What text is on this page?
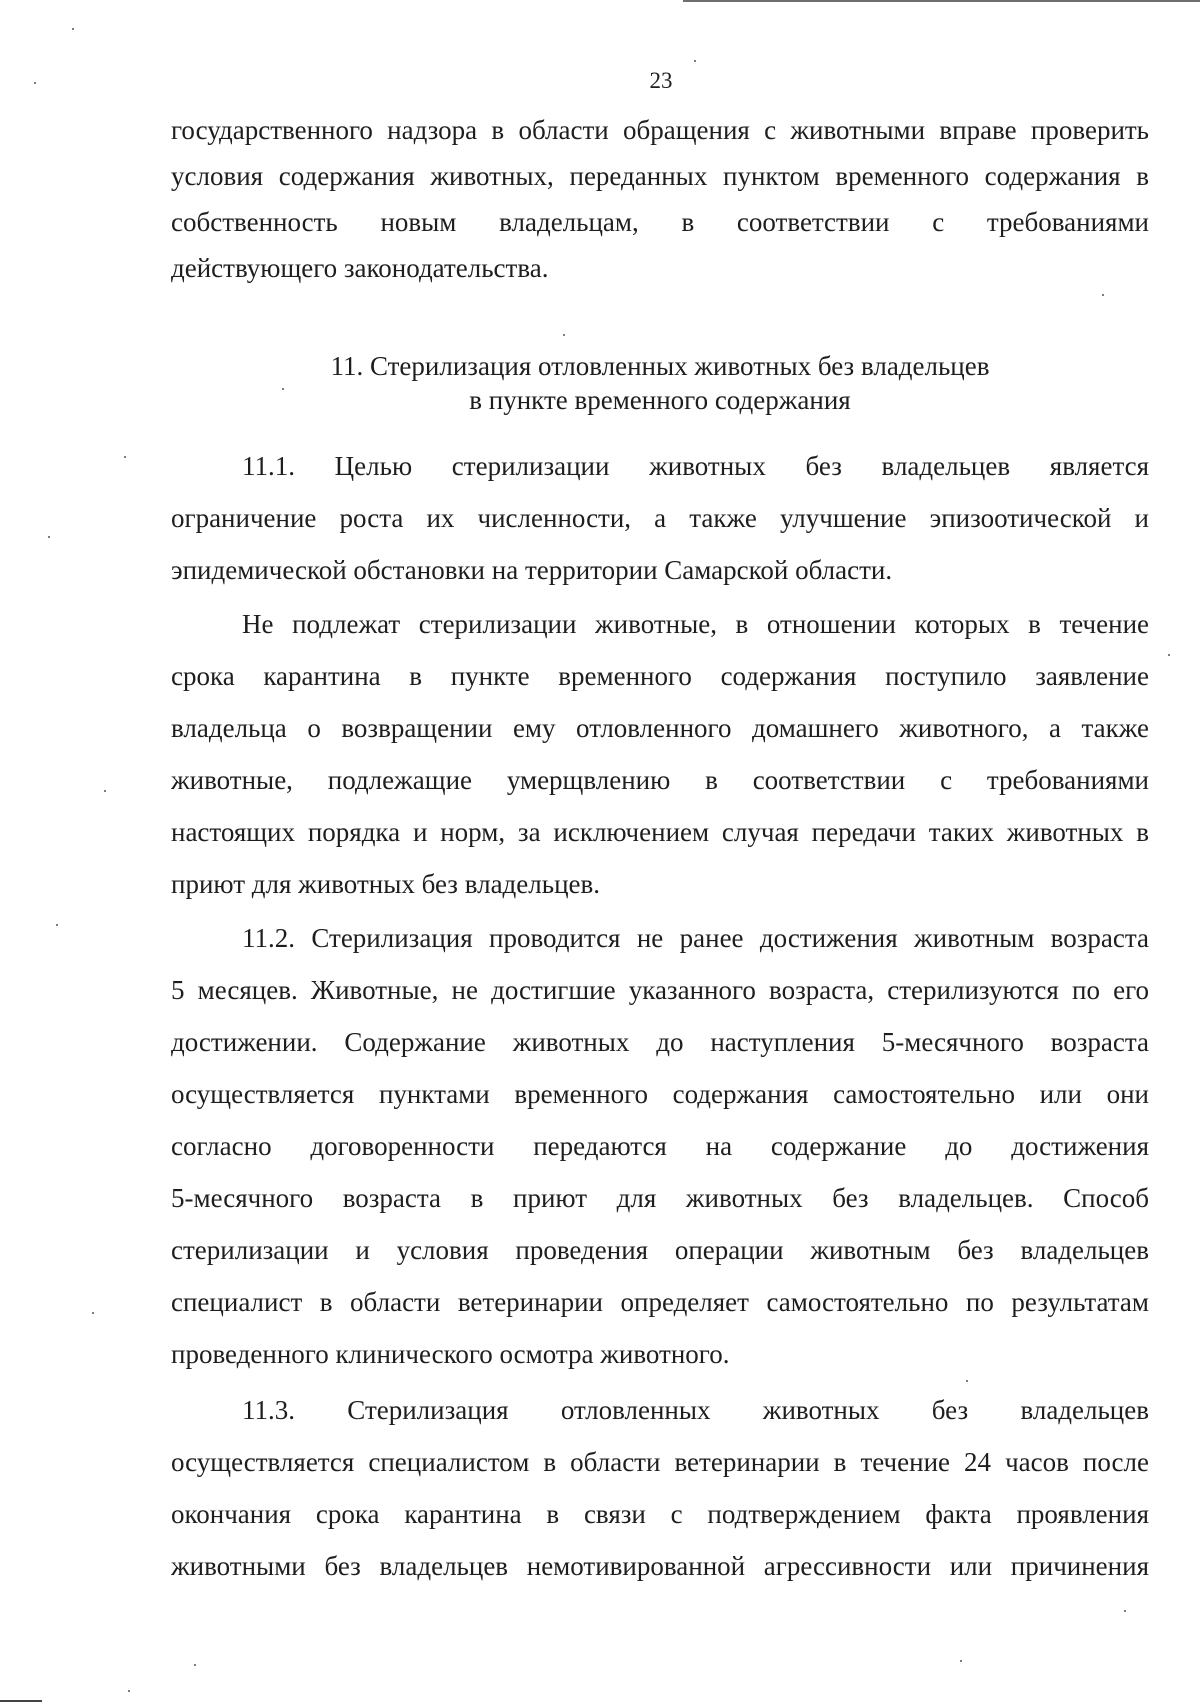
23
государственного надзора в области обращения с животными вправе проверить
условия содержания животных, переданных пунктом временного содержания в
собственность новым владельцам, в соответствии с требованиями
действующего законодательства.
11. Стерилизация отловленных животных без владельцев
в пункте временного содержания
11.1. Целью стерилизации животных без владельцев является
ограничение роста их численности, а также улучшение эпизоотической и
эпидемической обстановки на территории Самарской области.
Не подлежат стерилизации животные, в отношении которых в течение
срока карантина в пункте временного содержания поступило заявление
владельца о возвращении ему отловленного домашнего животного, а также
животные, подлежащие умерщвлению в соответствии с требованиями
настоящих порядка и норм, за исключением случая передачи таких животных в
приют для животных без владельцев.
11.2. Стерилизация проводится не ранее достижения животным возраста
5 месяцев. Животные, не достигшие указанного возраста, стерилизуются по его
достижении. Содержание животных до наступления 5-месячного возраста
осуществляется пунктами временного содержания самостоятельно или они
согласно договоренности передаются на содержание до достижения
5-месячного возраста в приют для животных без владельцев. Способ
стерилизации и условия проведения операции животным без владельцев
специалист в области ветеринарии определяет самостоятельно по результатам
проведенного клинического осмотра животного.
11.3. Стерилизация отловленных животных без владельцев
осуществляется специалистом в области ветеринарии в течение 24 часов после
окончания срока карантина в связи с подтверждением факта проявления
животными без владельцев немотивированной агрессивности или причинения
